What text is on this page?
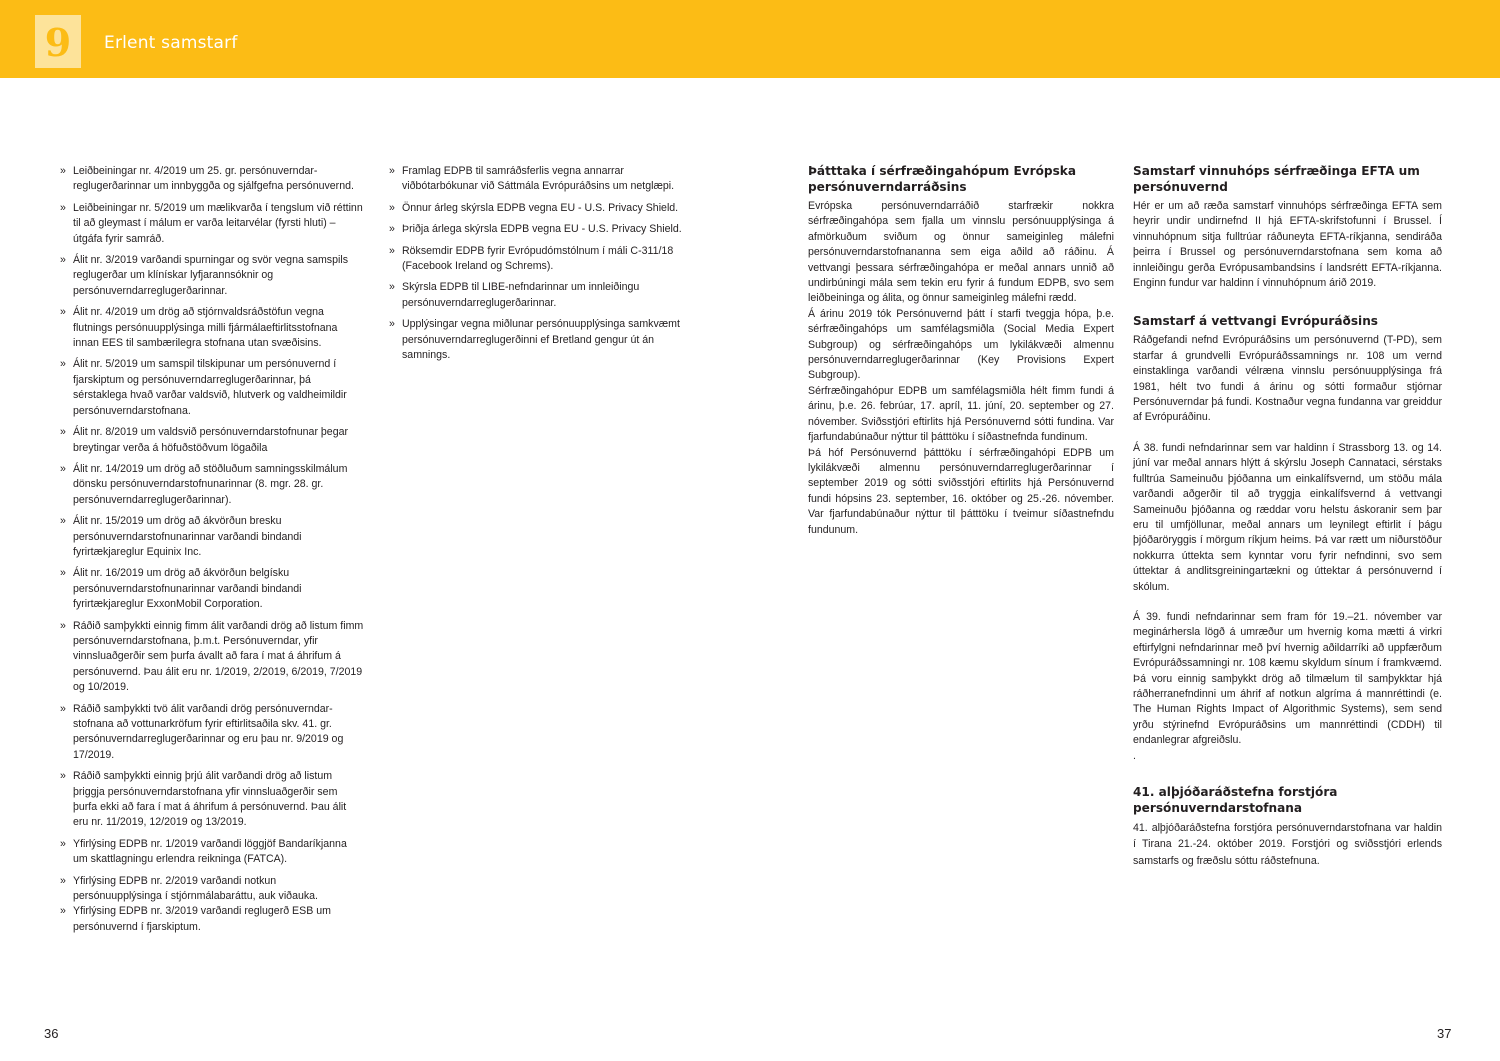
9	Erlent samstarf
» Leiðbeiningar nr. 4/2019 um 25. gr. persónuverndar-reglugerðarinnar um innbyggða og sjálfgefna persónuvernd.
» Leiðbeiningar nr. 5/2019 um mælikvarða í tengslum við réttinn til að gleymast í málum er varða leitarvélar (fyrsti hluti) – útgáfa fyrir samráð.
» Álit nr. 3/2019 varðandi spurningar og svör vegna samspils reglugerðar um klínískar lyfjarannsóknir og persónuverndarreglugerðarinnar.
» Álit nr. 4/2019 um drög að stjórnvaldsráðstöfun vegna flutnings persónuupplýsinga milli fjármálaeftirlitsstofnana innan EES til sambærilegra stofnana utan svæðisins.
» Álit nr. 5/2019 um samspil tilskipunar um persónuvernd í fjarskiptum og persónuverndarreglugerðarinnar, þá sérstaklega hvað varðar valdsvið, hlutverk og valdheimildir persónuverndarstofnana.
» Álit nr. 8/2019 um valdsvið persónuverndarstofnunar þegar breytingar verða á höfuðstöðvum lögaðila
» Álit nr. 14/2019 um drög að stöðluðum samningsskilmálum dönsku persónuverndarstofnunarinnar (8. mgr. 28. gr. persónuverndarreglugerðarinnar).
» Álit nr. 15/2019 um drög að ákvörðun bresku persónuverndarstofnunarinnar varðandi bindandi fyrirtækjareglur Equinix Inc.
» Álit nr. 16/2019 um drög að ákvörðun belgísku persónuverndarstofnunarinnar varðandi bindandi fyrirtækjareglur ExxonMobil Corporation.
» Ráðið samþykkti einnig fimm álit varðandi drög að listum fimm persónuverndarstofnana, þ.m.t. Persónuverndar, yfir vinnsluaðgerðir sem þurfa ávallt að fara í mat á áhrifum á persónuvernd. Þau álit eru nr. 1/2019, 2/2019, 6/2019, 7/2019 og 10/2019.
» Ráðið samþykkti tvö álit varðandi drög persónuverndar-stofnana að vottunarkröfum fyrir eftirlitsaðila skv. 41. gr. persónuverndarreglugerðarinnar og eru þau nr. 9/2019 og 17/2019.
» Ráðið samþykkti einnig þrjú álit varðandi drög að listum þriggja persónuverndarstofnana yfir vinnsluaðgerðir sem þurfa ekki að fara í mat á áhrifum á persónuvernd. Þau álit eru nr. 11/2019, 12/2019 og 13/2019.
» Yfirlýsing EDPB nr. 1/2019 varðandi löggjöf Bandaríkjanna um skattlagningu erlendra reikninga (FATCA).
» Yfirlýsing EDPB nr. 2/2019 varðandi notkun persónuupplýsinga í stjórnmálabaráttu, auk viðauka.
» Yfirlýsing EDPB nr. 3/2019 varðandi reglugerð ESB um persónuvernd í fjarskiptum.
» Framlag EDPB til samráðsferlis vegna annarrar viðbótarbókunar við Sáttmála Evrópuráðsins um netglæpi.
» Önnur árleg skýrsla EDPB vegna EU - U.S. Privacy Shield.
» Þriðja árlega skýrsla EDPB vegna EU - U.S. Privacy Shield.
» Röksemdir EDPB fyrir Evrópudómstólnum í máli C-311/18 (Facebook Ireland og Schrems).
» Skýrsla EDPB til LIBE-nefndarinnar um innleiðingu persónuverndarreglugerðarinnar.
» Upplýsingar vegna miðlunar persónuupplýsinga samkvæmt persónuverndarreglugerðinni ef Bretland gengur út án samnings.
Þátttaka í sérfræðingahópum Evrópska persónuverndarráðsins

Evrópska persónuverndarráðið starfrækir nokkra sérfræðingahópa sem fjalla um vinnslu persónuupplýsinga á afmörkuðum sviðum og önnur sameiginleg málefni persónuverndarstofnananna sem eiga aðild að ráðinu. Á vettvangi þessara sérfræðingahópa er meðal annars unnið að undirbúningi mála sem tekin eru fyrir á fundum EDPB, svo sem leiðbeininga og álita, og önnur sameiginleg málefni rædd.

Á árinu 2019 tók Persónuvernd þátt í starfi tveggja hópa, þ.e. sérfræðingahóps um samfélagsmiðla (Social Media Expert Subgroup) og sérfræðingahóps um lykilákvæði almennu persónuverndarreglugerðarinnar (Key Provisions Expert Subgroup).

Sérfræðingahópur EDPB um samfélagsmiðla hélt fimm fundi á árinu, þ.e. 26. febrúar, 17. apríl, 11. júní, 20. september og 27. nóvember. Sviðsstjóri eftirlits hjá Persónuvernd sótti fundina. Var fjarfundabúnaður nýttur til þátttöku í síðastnefnda fundinum.

Þá hóf Persónuvernd þátttöku í sérfræðingahópi EDPB um lykilákvæði almennu persónuverndarreglugerðarinnar í september 2019 og sótti sviðsstjóri eftirlits hjá Persónuvernd fundi hópsins 23. september, 16. október og 25.-26. nóvember. Var fjarfundabúnaður nýttur til þátttöku í tveimur síðastnefndu fundunum.

Samstarf vinnuhóps sérfræðinga EFTA um persónuvernd

Hér er um að ræða samstarf vinnuhóps sérfræðinga EFTA sem heyrir undir undirnefnd II hjá EFTA-skrifstofunni í Brussel. Í vinnuhópnum sitja fulltrúar ráðuneyta EFTA-ríkjanna, sendiráða þeirra í Brussel og persónuverndarstofnana sem koma að innleiðingu gerða Evrópusambandsins í landsrétt EFTA-ríkjanna. Enginn fundur var haldinn í vinnuhópnum árið 2019.

Samstarf á vettvangi Evrópuráðsins

Ráðgefandi nefnd Evrópuráðsins um persónuvernd (T-PD), sem starfar á grundvelli Evrópuráðssamnings nr. 108 um vernd einstaklinga varðandi vélræna vinnslu persónuupplýsinga frá 1981, hélt tvo fundi á árinu og sótti formaður stjórnar Persónuverndar þá fundi. Kostnaður vegna fundanna var greiddur af Evrópuráðinu.

Á 38. fundi nefndarinnar sem var haldinn í Strassborg 13. og 14. júní var meðal annars hlýtt á skýrslu Joseph Cannataci, sérstaks fulltrúa Sameinuðu þjóðanna um einkalífsvernd, um stöðu mála varðandi aðgerðir til að tryggja einkalífsvernd á vettvangi Sameinuðu þjóðanna og ræddar voru helstu áskoranir sem þar eru til umfjöllunar, meðal annars um leynilegt eftirlit í þágu þjóðaröryggis í mörgum ríkjum heims. Þá var rætt um niðurstöður nokkurra úttekta sem kynntar voru fyrir nefndinni, svo sem úttektar á andlitsgreiningartækni og úttektar á persónuvernd í skólum.

Á 39. fundi nefndarinnar sem fram fór 19.–21. nóvember var meginárhersla lögð á umræður um hvernig koma mætti á virkri eftirfylgni nefndarinnar með því hvernig aðildarríki að uppfærðum Evrópuráðssamningi nr. 108 kæmu skyldum sínum í framkvæmd. Þá voru einnig samþykkt drög að tilmælum til samþykktar hjá ráðherranefndinni um áhrif af notkun algríma á mannréttindi (e. The Human Rights Impact of Algorithmic Systems), sem send yrðu stýrinefnd Evrópuráðsins um mannréttindi (CDDH) til endanlegrar afgreiðslu.

.
41. alþjóðaráðstefna forstjóra persónuverndarstofnana

41. alþjóðaráðstefna forstjóra persónuverndarstofnana var haldin í Tirana 21.-24. október 2019. Forstjóri og sviðsstjóri erlends samstarfs og fræðslu sóttu ráðstefnuna.

36	37
